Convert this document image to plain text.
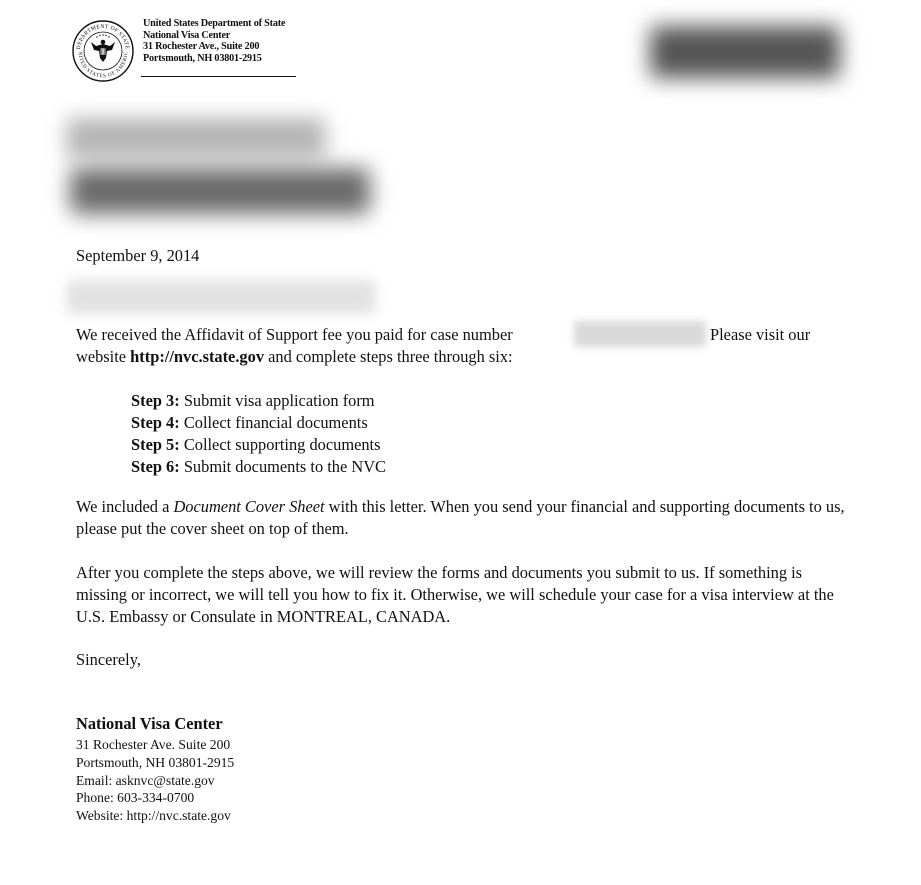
DEPARTMENT OF STATE
NITED STATES OF AMERIC
United States Department of State
National Visa Center
31 Rochester Ave., Suite 200
Portsmouth, NH 03801-2915
September 9, 2014
We received the Affidavit of Support fee you paid for case number	Please visit our
website http://nvc.state.gov and complete steps three through six:
Step 3: Submit visa application form
Step 4: Collect financial documents
Step 5: Collect supporting documents
Step 6: Submit documents to the NVC
We included a Document Cover Sheet with this letter. When you send your financial and supporting documents to us, please put the cover sheet on top of them.
After you complete the steps above, we will review the forms and documents you submit to us. If something is missing or incorrect, we will tell you how to fix it. Otherwise, we will schedule your case for a visa interview at the U.S. Embassy or Consulate in MONTREAL, CANADA.
Sincerely,
National Visa Center
31 Rochester Ave. Suite 200
Portsmouth, NH 03801-2915
Email: asknvc@state.gov
Phone: 603-334-0700
Website: http://nvc.state.gov
